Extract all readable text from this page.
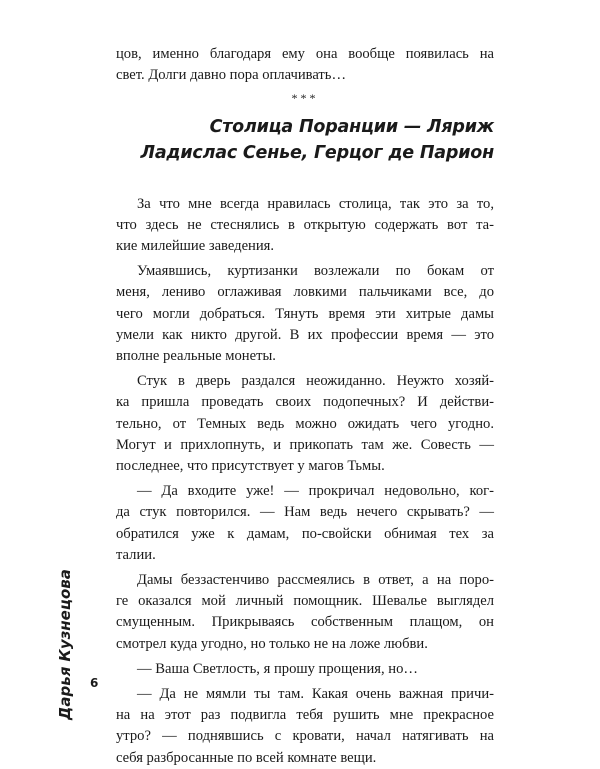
цов, именно благодаря ему она вообще появилась на
свет. Долги давно пора оплачивать…
***
Столица Поранции — Ляриж
Ладислас Сенье, Герцог де Парион
За что мне всегда нравилась столица, так это за то,
что здесь не стеснялись в открытую содержать вот та-
кие милейшие заведения.
Умаявшись, куртизанки возлежали по бокам от
меня, лениво оглаживая ловкими пальчиками все, до
чего могли добраться. Тянуть время эти хитрые дамы
умели как никто другой. В их профессии время — это
вполне реальные монеты.
Стук в дверь раздался неожиданно. Неужто хозяй-
ка пришла проведать своих подопечных? И действи-
тельно, от Темных ведь можно ожидать чего угодно.
Могут и прихлопнуть, и прикопать там же. Совесть —
последнее, что присутствует у магов Тьмы.
— Да входите уже! — прокричал недовольно, ког-
да стук повторился. — Нам ведь нечего скрывать? —
обратился уже к дамам, по-свойски обнимая тех за
талии.
Дамы беззастенчиво рассмеялись в ответ, а на поро-
ге оказался мой личный помощник. Шевалье выглядел
смущенным. Прикрываясь собственным плащом, он
смотрел куда угодно, но только не на ложе любви.
— Ваша Светлость, я прошу прощения, но…
— Да не мямли ты там. Какая очень важная причи-
на на этот раз подвигла тебя рушить мне прекрасное
утро? — поднявшись с кровати, начал натягивать на
себя разбросанные по всей комнате вещи.
Дарья Кузнецова	6
